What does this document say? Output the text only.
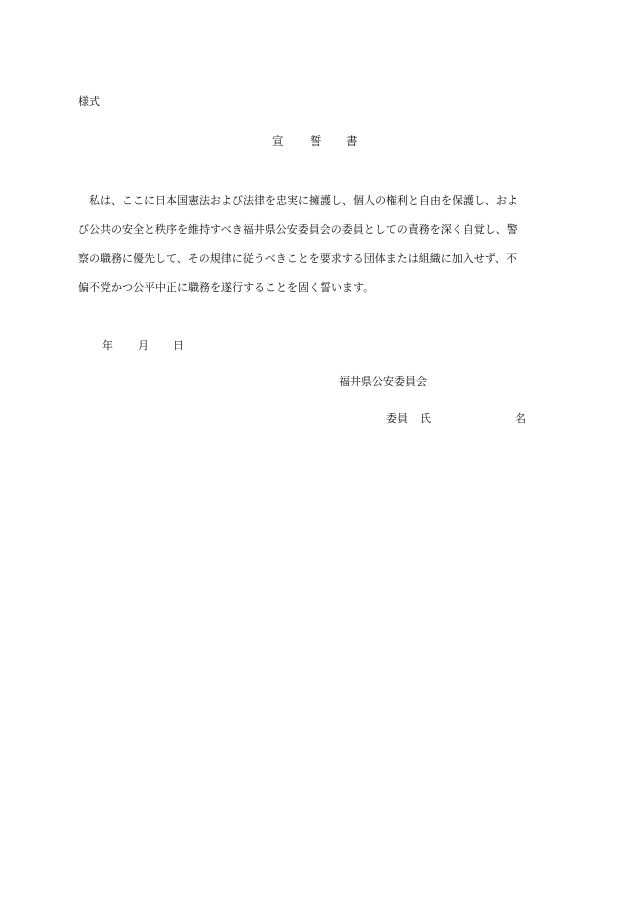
様式
宣 誓 書
　私は、ここに日本国憲法および法律を忠実に擁護し、個人の権利と自由を保護し、およ
び公共の安全と秩序を維持すべき福井県公安委員会の委員としての責務を深く自覚し、警
察の職務に優先して、その規律に従うべきことを要求する団体または組織に加入せず、不
偏不党かつ公平中正に職務を遂行することを固く誓います。
年 月 日
福井県公安委員会
委員 氏	名
